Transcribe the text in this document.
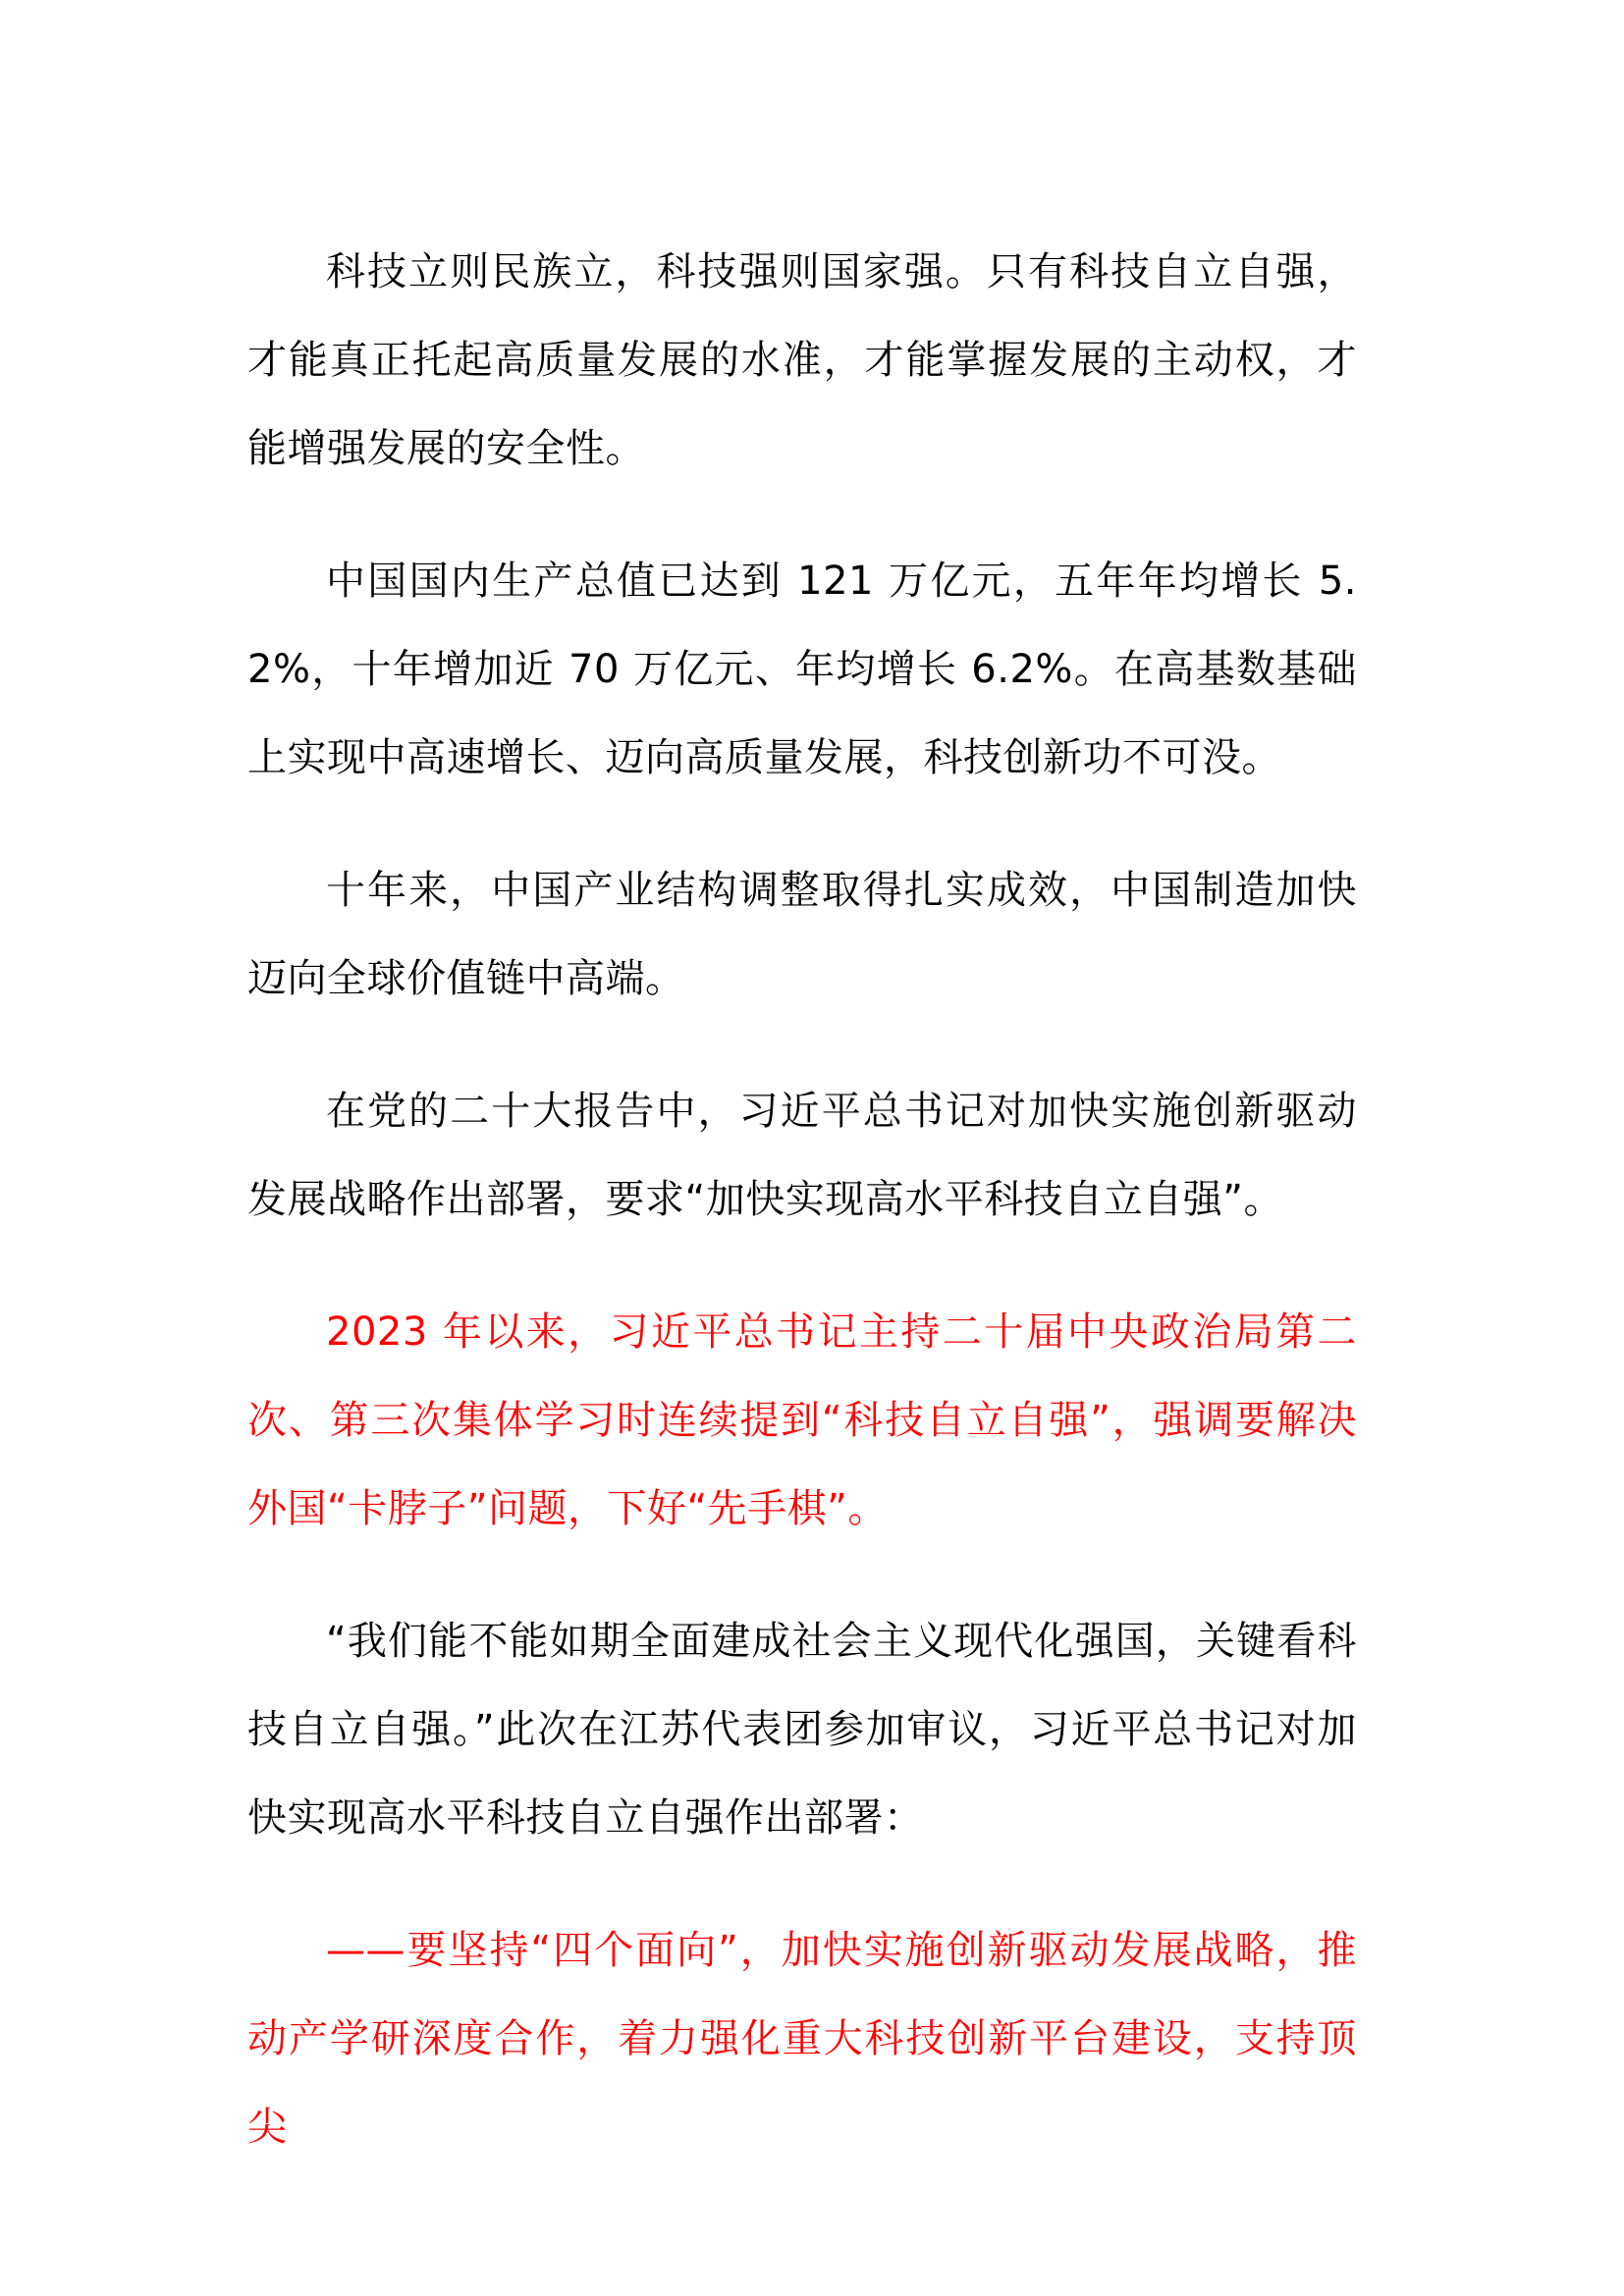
科技立则民族立，科技强则国家强。只有科技自立自强，才能真正托起高质量发展的水准，才能掌握发展的主动权，才能增强发展的安全性。

中国国内生产总值已达到 121 万亿元，五年年均增长 5.2%，十年增加近 70 万亿元、年均增长 6.2%。在高基数基础上实现中高速增长、迈向高质量发展，科技创新功不可没。

十年来，中国产业结构调整取得扎实成效，中国制造加快迈向全球价值链中高端。

在党的二十大报告中，习近平总书记对加快实施创新驱动发展战略作出部署，要求“加快实现高水平科技自立自强”。

2023 年以来，习近平总书记主持二十届中央政治局第二次、第三次集体学习时连续提到“科技自立自强”，强调要解决外国“卡脖子”问题，下好“先手棋”。

“我们能不能如期全面建成社会主义现代化强国，关键看科技自立自强。”此次在江苏代表团参加审议，习近平总书记对加快实现高水平科技自立自强作出部署：

——要坚持“四个面向”，加快实施创新驱动发展战略，推动产学研深度合作，着力强化重大科技创新平台建设，支持顶尖
